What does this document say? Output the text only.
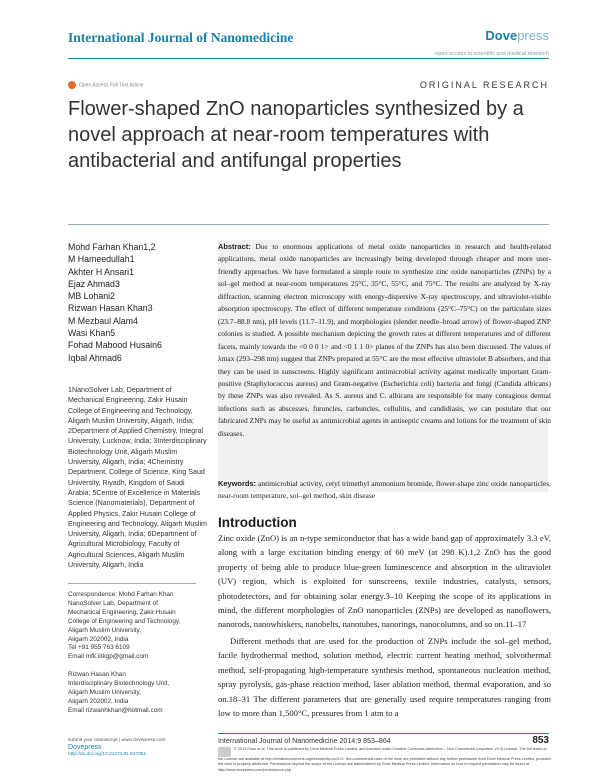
International Journal of Nanomedicine	Dovepress
open access to scientific and medical research
Open Access Full Text Article	ORIGINAL RESEARCH
Flower-shaped ZnO nanoparticles synthesized by a novel approach at near-room temperatures with antibacterial and antifungal properties
Mohd Farhan Khan1,2
M Hameedullah1
Akhter H Ansari1
Ejaz Ahmad3
MB Lohani2
Rizwan Hasan Khan3
M Mezbaul Alam4
Wasi Khan5
Fohad Mabood Husain6
Iqbal Ahmad6
1NanoSolver Lab, Department of Mechanical Engineering, Zakir Husain College of Engineering and Technology, Aligarh Muslim University, Aligarh, India; 2Department of Applied Chemistry, Integral University, Lucknow, India; 3Interdisciplinary Biotechnology Unit, Aligarh Muslim University, Aligarh, India; 4Chemistry Department, College of Science, King Saud University, Riyadh, Kingdom of Saudi Arabia; 5Centre of Excellence in Materials Science (Nanomaterials), Department of Applied Physics, Zakir Husain College of Engineering and Technology, Aligarh Muslim University, Aligarh, India; 6Department of Agricultural Microbiology, Faculty of Agricultural Sciences, Aligarh Muslim University, Aligarh, India
Correspondence: Mohd Farhan Khan
NanoSolver Lab, Department of
Mechanical Engineering, Zakir Husain
College of Engineering and Technology,
Aligarh Muslim University,
Aligarh 202002, India
Tel +91 955 763 6109
Email mfk.iitkgp@gmail.com
Rizwan Hasan Khan
Interdisciplinary Biotechnology Unit,
Aligarh Muslim University,
Aligarh 202002, India
Email rizwanhkhan@hotmail.com
Abstract: Due to enormous applications of metal oxide nanoparticles in research and health-related applications, metal oxide nanoparticles are increasingly being developed through cheaper and more user-friendly approaches. We have formulated a simple route to synthesize zinc oxide nanoparticles (ZNPs) by a sol–gel method at near-room temperatures 25°C, 35°C, 55°C, and 75°C. The results are analyzed by X-ray diffraction, scanning electron microscopy with energy-dispersive X-ray spectroscopy, and ultraviolet-visible absorption spectroscopy. The effect of different temperature conditions (25°C–75°C) on the particulate sizes (23.7–88.8 nm), pH levels (11.7–11.9), and morphologies (slender needle–broad arrow) of flower-shaped ZNP colonies is studied. A possible mechanism depicting the growth rates at different temperatures and of different facets, mainly towards the <0 0 0 1> and <0 1 1 0> planes of the ZNPs has also been discussed. The values of λmax (293–298 nm) suggest that ZNPs prepared at 55°C are the most effective ultraviolet B absorbers, and that they can be used in sunscreens. Highly significant antimicrobial activity against medically important Gram-positive (Staphylococcus aureus) and Gram-negative (Escherichia coli) bacteria and fungi (Candida albicans) by these ZNPs was also revealed. As S. aureus and C. albicans are responsible for many contagious dermal infections such as abscesses, furuncles, carbuncles, cellulitis, and candidiasis, we can postulate that our fabricated ZNPs may be useful as antimicrobial agents in antiseptic creams and lotions for the treatment of skin diseases.
Keywords: antimicrobial activity, cetyl trimethyl ammonium bromide, flower-shape zinc oxide nanoparticles, near-room temperature, sol–gel method, skin disease
Introduction
Zinc oxide (ZnO) is an n-type semiconductor that has a wide band gap of approximately 3.3 eV, along with a large excitation binding energy of 60 meV (at 298 K).1,2 ZnO has the good property of being able to produce blue-green luminescence and absorption in the ultraviolet (UV) region, which is exploited for sunscreens, textile industries, catalysts, sensors, photodetectors, and for obtaining solar energy.3–10 Keeping the scope of its applications in mind, the different morphologies of ZnO nanoparticles (ZNPs) are developed as nanoflowers, nanorods, nanowhiskers, nanobelts, nanotubes, nanorings, nanocolumns, and so on.11–17
Different methods that are used for the production of ZNPs include the sol–gel method, facile hydrothermal method, solution method, electric current heating method, solvothermal method, self-propagating high-temperature synthesis method, spontaneous nucleation method, spray pyrolysis, gas-phase reaction method, laser ablation method, thermal evaporation, and so on.18–31 The different parameters that are generally used require temperatures ranging from low to more than 1,500°C, pressures from 1 atm to a
International Journal of Nanomedicine 2014:9 853–864	853
submit your manuscript | www.dovepress.com
Dovepress
http://dx.doi.org/10.2147/IJN.S47351
© 2014 Khan et al. This work is published by Dove Medical Press Limited, and licensed under Creative Commons Attribution – Non Commercial (unported, v3.0) License. The full terms of the License are available at http://creativecommons.org/licenses/by-nc/3.0/. Non-commercial uses of the work are permitted without any further permission from Dove Medical Press Limited, provided the work is properly attributed. Permissions beyond the scope of the License are administered by Dove Medical Press Limited. Information on how to request permission may be found at: http://www.dovepress.com/permissions.php
